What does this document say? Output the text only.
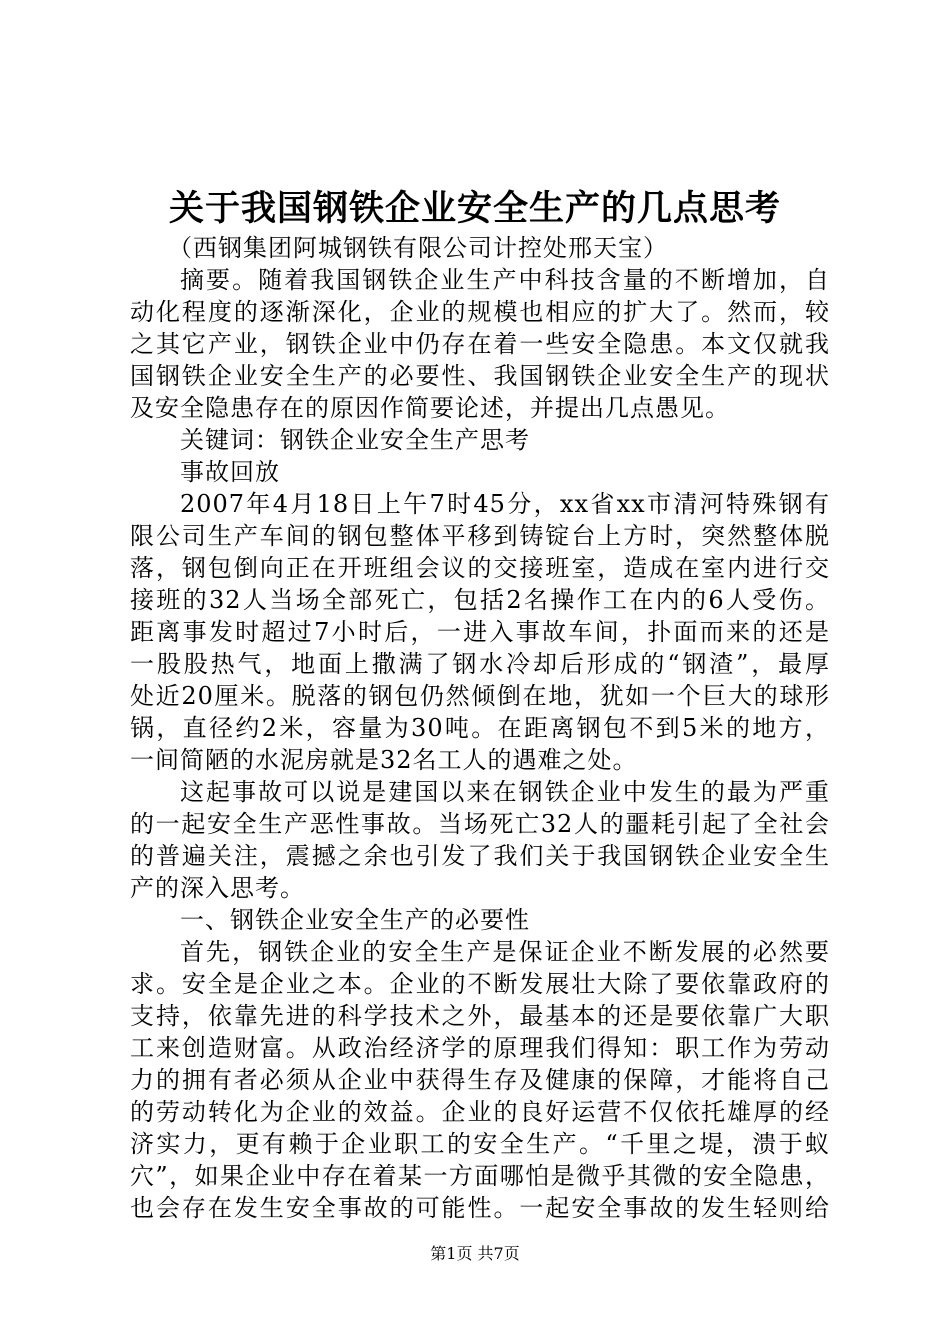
关于我国钢铁企业安全生产的几点思考
（西钢集团阿城钢铁有限公司计控处邢天宝）

摘要。随着我国钢铁企业生产中科技含量的不断增加，自
动化程度的逐渐深化，企业的规模也相应的扩大了。然而，较
之其它产业，钢铁企业中仍存在着一些安全隐患。本文仅就我
国钢铁企业安全生产的必要性、我国钢铁企业安全生产的现状
及安全隐患存在的原因作简要论述，并提出几点愚见。

关键词：钢铁企业安全生产思考

事故回放

2007年4月18日上午7时45分，xx省xx市清河特殊钢有
限公司生产车间的钢包整体平移到铸锭台上方时，突然整体脱
落，钢包倒向正在开班组会议的交接班室，造成在室内进行交
接班的32人当场全部死亡，包括2名操作工在内的6人受伤。
距离事发时超过7小时后，一进入事故车间，扑面而来的还是
一股股热气，地面上撒满了钢水冷却后形成的“钢渣”，最厚
处近20厘米。脱落的钢包仍然倾倒在地，犹如一个巨大的球形
锅，直径约2米，容量为30吨。在距离钢包不到5米的地方，
一间简陋的水泥房就是32名工人的遇难之处。

这起事故可以说是建国以来在钢铁企业中发生的最为严重
的一起安全生产恶性事故。当场死亡32人的噩耗引起了全社会
的普遍关注，震撼之余也引发了我们关于我国钢铁企业安全生
产的深入思考。

一、钢铁企业安全生产的必要性

首先，钢铁企业的安全生产是保证企业不断发展的必然要
求。安全是企业之本。企业的不断发展壮大除了要依靠政府的
支持，依靠先进的科学技术之外，最基本的还是要依靠广大职
工来创造财富。从政治经济学的原理我们得知：职工作为劳动
力的拥有者必须从企业中获得生存及健康的保障，才能将自己
的劳动转化为企业的效益。企业的良好运营不仅依托雄厚的经
济实力，更有赖于企业职工的安全生产。“千里之堤，溃于蚁
穴”，如果企业中存在着某一方面哪怕是微乎其微的安全隐患，
也会存在发生安全事故的可能性。一起安全事故的发生轻则给

第1页 共7页
